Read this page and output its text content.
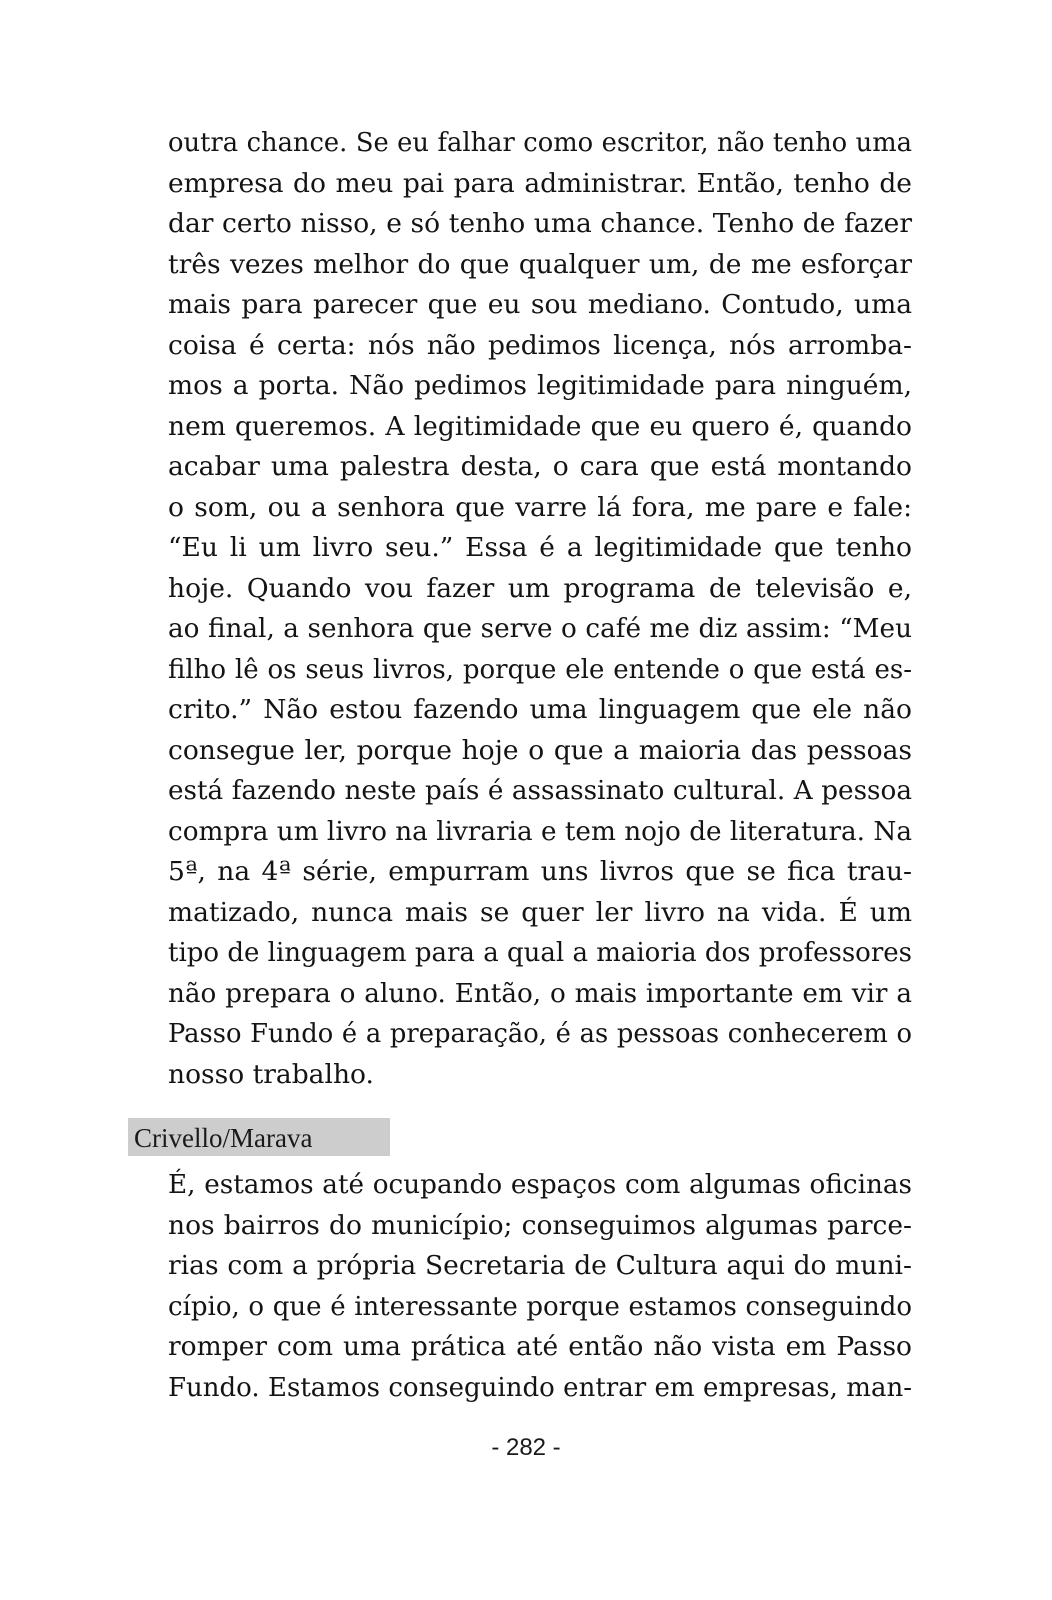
outra chance. Se eu falhar como escritor, não tenho uma
empresa do meu pai para administrar. Então, tenho de
dar certo nisso, e só tenho uma chance. Tenho de fazer
três vezes melhor do que qualquer um, de me esforçar
mais para parecer que eu sou mediano. Contudo, uma
coisa é certa: nós não pedimos licença, nós arromba-
mos a porta. Não pedimos legitimidade para ninguém,
nem queremos. A legitimidade que eu quero é, quando
acabar uma palestra desta, o cara que está montando
o som, ou a senhora que varre lá fora, me pare e fale:
“Eu li um livro seu.” Essa é a legitimidade que tenho
hoje. Quando vou fazer um programa de televisão e,
ao final, a senhora que serve o café me diz assim: “Meu
filho lê os seus livros, porque ele entende o que está es-
crito.” Não estou fazendo uma linguagem que ele não
consegue ler, porque hoje o que a maioria das pessoas
está fazendo neste país é assassinato cultural. A pessoa
compra um livro na livraria e tem nojo de literatura. Na
5ª, na 4ª série, empurram uns livros que se fica trau-
matizado, nunca mais se quer ler livro na vida. É um
tipo de linguagem para a qual a maioria dos professores
não prepara o aluno. Então, o mais importante em vir a
Passo Fundo é a preparação, é as pessoas conhecerem o
nosso trabalho.
Crivello/Marava
É, estamos até ocupando espaços com algumas oficinas
nos bairros do município; conseguimos algumas parce-
rias com a própria Secretaria de Cultura aqui do muni-
cípio, o que é interessante porque estamos conseguindo
romper com uma prática até então não vista em Passo
Fundo. Estamos conseguindo entrar em empresas, man-
- 282 -
